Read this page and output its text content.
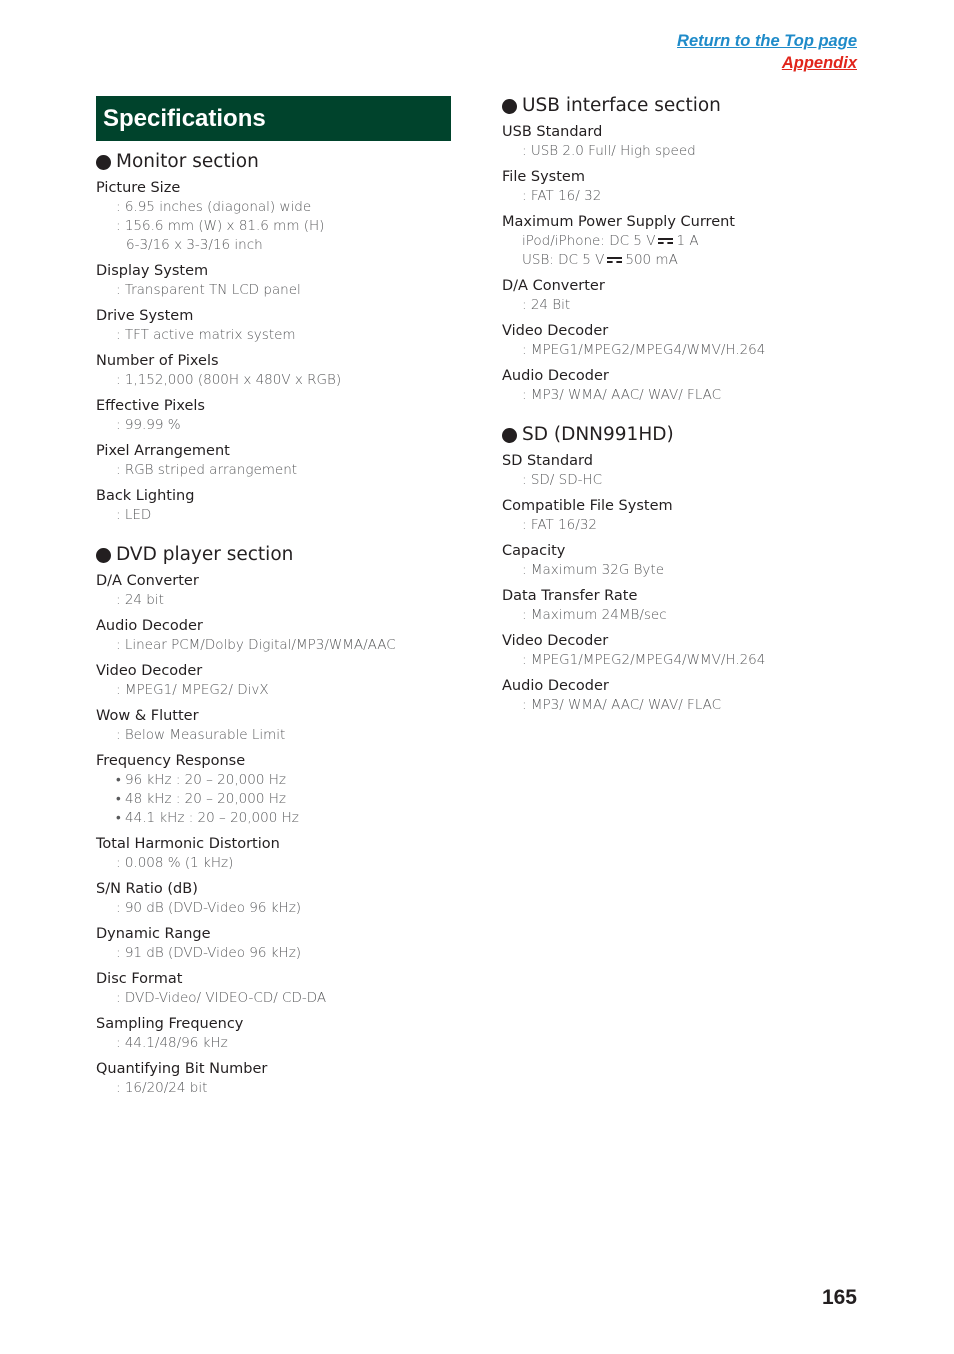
Return to the Top page
Appendix
Specifications
Monitor section
Picture Size
: 6.95 inches (diagonal) wide
: 156.6 mm (W) x 81.6 mm (H)
6-3/16 x 3-3/16 inch
Display System
: Transparent TN LCD panel
Drive System
: TFT active matrix system
Number of Pixels
: 1,152,000 (800H x 480V x RGB)
Effective Pixels
: 99.99 %
Pixel Arrangement
: RGB striped arrangement
Back Lighting
: LED
DVD player section
D/A Converter
: 24 bit
Audio Decoder
: Linear PCM/Dolby Digital/MP3/WMA/AAC
Video Decoder
: MPEG1/ MPEG2/ DivX
Wow & Flutter
: Below Measurable Limit
Frequency Response
• 96 kHz : 20 – 20,000 Hz
• 48 kHz : 20 – 20,000 Hz
• 44.1 kHz : 20 – 20,000 Hz
Total Harmonic Distortion
: 0.008 % (1 kHz)
S/N Ratio (dB)
: 90 dB (DVD-Video 96 kHz)
Dynamic Range
: 91 dB (DVD-Video 96 kHz)
Disc Format
: DVD-Video/ VIDEO-CD/ CD-DA
Sampling Frequency
: 44.1/48/96 kHz
Quantifying Bit Number
: 16/20/24 bit
USB interface section
USB Standard
: USB 2.0 Full/ High speed
File System
: FAT 16/ 32
Maximum Power Supply Current
iPod/iPhone: DC 5 V 1 A
USB: DC 5 V 500 mA
D/A Converter
: 24 Bit
Video Decoder
: MPEG1/MPEG2/MPEG4/WMV/H.264
Audio Decoder
: MP3/ WMA/ AAC/ WAV/ FLAC
SD (DNN991HD)
SD Standard
: SD/ SD-HC
Compatible File System
: FAT 16/32
Capacity
: Maximum 32G Byte
Data Transfer Rate
: Maximum 24MB/sec
Video Decoder
: MPEG1/MPEG2/MPEG4/WMV/H.264
Audio Decoder
: MP3/ WMA/ AAC/ WAV/ FLAC
165
